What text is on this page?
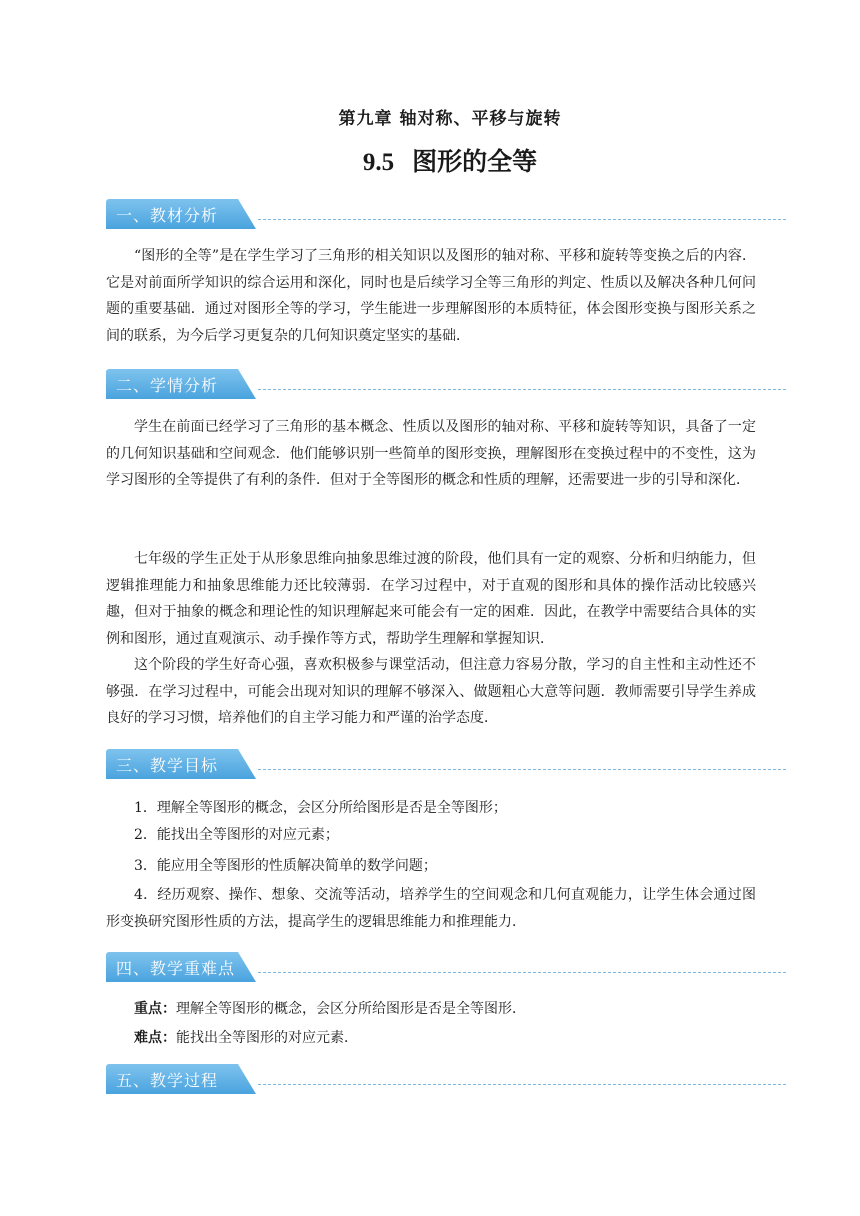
第九章 轴对称、平移与旋转
9.5 图形的全等
一、教材分析
“图形的全等”是在学生学习了三角形的相关知识以及图形的轴对称、平移和旋转等变换之后的内容．它是对前面所学知识的综合运用和深化，同时也是后续学习全等三角形的判定、性质以及解决各种几何问题的重要基础．通过对图形全等的学习，学生能进一步理解图形的本质特征，体会图形变换与图形关系之间的联系，为今后学习更复杂的几何知识奠定坚实的基础．
二、学情分析
学生在前面已经学习了三角形的基本概念、性质以及图形的轴对称、平移和旋转等知识，具备了一定的几何知识基础和空间观念．他们能够识别一些简单的图形变换，理解图形在变换过程中的不变性，这为学习图形的全等提供了有利的条件．但对于全等图形的概念和性质的理解，还需要进一步的引导和深化．
七年级的学生正处于从形象思维向抽象思维过渡的阶段，他们具有一定的观察、分析和归纳能力，但逻辑推理能力和抽象思维能力还比较薄弱．在学习过程中，对于直观的图形和具体的操作活动比较感兴趣，但对于抽象的概念和理论性的知识理解起来可能会有一定的困难．因此，在教学中需要结合具体的实例和图形，通过直观演示、动手操作等方式，帮助学生理解和掌握知识．
这个阶段的学生好奇心强，喜欢积极参与课堂活动，但注意力容易分散，学习的自主性和主动性还不够强．在学习过程中，可能会出现对知识的理解不够深入、做题粗心大意等问题．教师需要引导学生养成良好的学习习惯，培养他们的自主学习能力和严谨的治学态度．
三、教学目标
1．理解全等图形的概念，会区分所给图形是否是全等图形；
2．能找出全等图形的对应元素；
3．能应用全等图形的性质解决简单的数学问题；
4．经历观察、操作、想象、交流等活动，培养学生的空间观念和几何直观能力，让学生体会通过图形变换研究图形性质的方法，提高学生的逻辑思维能力和推理能力．
四、教学重难点
重点：理解全等图形的概念，会区分所给图形是否是全等图形．
难点：能找出全等图形的对应元素．
五、教学过程
